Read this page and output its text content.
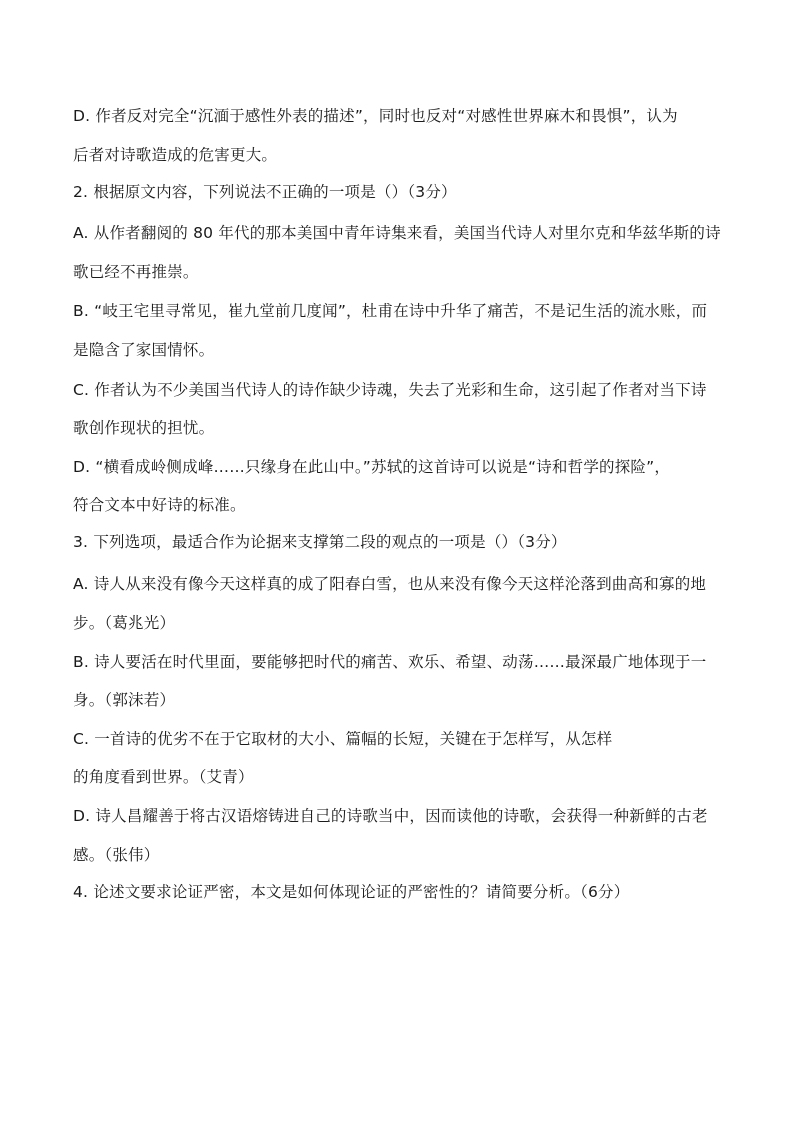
D. 作者反对完全“沉湎于感性外表的描述”，同时也反对“对感性世界麻木和畏惧”，认为
后者对诗歌造成的危害更大。
2. 根据原文内容，下列说法不正确的一项是（）（3分）
A. 从作者翻阅的 80 年代的那本美国中青年诗集来看，美国当代诗人对里尔克和华兹华斯的诗
歌已经不再推崇。
B. “岐王宅里寻常见，崔九堂前几度闻”，杜甫在诗中升华了痛苦，不是记生活的流水账，而
是隐含了家国情怀。
C. 作者认为不少美国当代诗人的诗作缺少诗魂，失去了光彩和生命，这引起了作者对当下诗
歌创作现状的担忧。
D. “横看成岭侧成峰……只缘身在此山中。”苏轼的这首诗可以说是“诗和哲学的探险”，
符合文本中好诗的标准。
3. 下列选项，最适合作为论据来支撑第二段的观点的一项是（）（3分）
A. 诗人从来没有像今天这样真的成了阳春白雪，也从来没有像今天这样沦落到曲高和寡的地
步。（葛兆光）
B. 诗人要活在时代里面，要能够把时代的痛苦、欢乐、希望、动荡……最深最广地体现于一
身。（郭沫若）
C. 一首诗的优劣不在于它取材的大小、篇幅的长短，关键在于怎样写，从怎样
的角度看到世界。（艾青）
D. 诗人昌耀善于将古汉语熔铸进自己的诗歌当中，因而读他的诗歌，会获得一种新鲜的古老
感。（张伟）
4. 论述文要求论证严密，本文是如何体现论证的严密性的？请简要分析。（6分）
